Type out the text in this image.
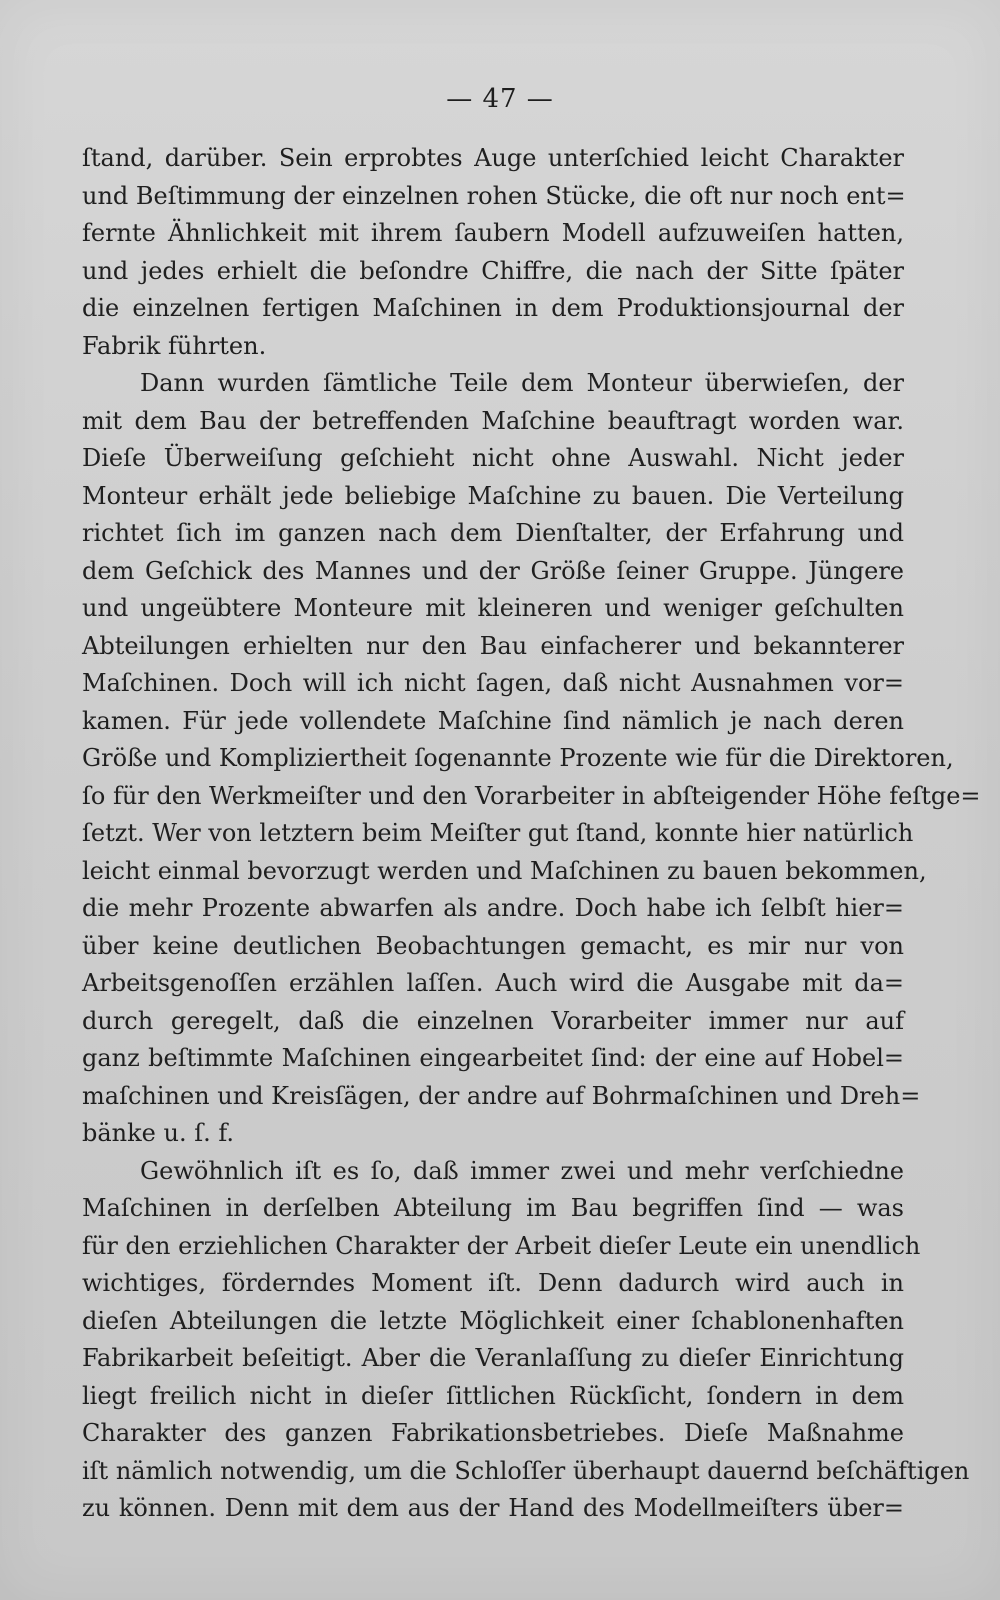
— 47 —
ſtand, darüber. Sein erprobtes Auge unterſchied leicht Charakter
und Beſtimmung der einzelnen rohen Stücke, die oft nur noch ent=
fernte Ähnlichkeit mit ihrem ſaubern Modell aufzuweiſen hatten,
und jedes erhielt die beſondre Chiffre, die nach der Sitte ſpäter
die einzelnen fertigen Maſchinen in dem Produktionsjournal der
Fabrik führten.
Dann wurden ſämtliche Teile dem Monteur überwieſen, der
mit dem Bau der betreffenden Maſchine beauftragt worden war.
Dieſe Überweiſung geſchieht nicht ohne Auswahl. Nicht jeder
Monteur erhält jede beliebige Maſchine zu bauen. Die Verteilung
richtet ſich im ganzen nach dem Dienſtalter, der Erfahrung und
dem Geſchick des Mannes und der Größe ſeiner Gruppe. Jüngere
und ungeübtere Monteure mit kleineren und weniger geſchulten
Abteilungen erhielten nur den Bau einfacherer und bekannterer
Maſchinen. Doch will ich nicht ſagen, daß nicht Ausnahmen vor=
kamen. Für jede vollendete Maſchine ſind nämlich je nach deren
Größe und Kompliziertheit ſogenannte Prozente wie für die Direktoren,
ſo für den Werkmeiſter und den Vorarbeiter in abſteigender Höhe feſtge=
ſetzt. Wer von letztern beim Meiſter gut ſtand, konnte hier natürlich
leicht einmal bevorzugt werden und Maſchinen zu bauen bekommen,
die mehr Prozente abwarfen als andre. Doch habe ich ſelbſt hier=
über keine deutlichen Beobachtungen gemacht, es mir nur von
Arbeitsgenoſſen erzählen laſſen. Auch wird die Ausgabe mit da=
durch geregelt, daß die einzelnen Vorarbeiter immer nur auf
ganz beſtimmte Maſchinen eingearbeitet ſind: der eine auf Hobel=
maſchinen und Kreisſägen, der andre auf Bohrmaſchinen und Dreh=
bänke u. ſ. f.
Gewöhnlich iſt es ſo, daß immer zwei und mehr verſchiedne
Maſchinen in derſelben Abteilung im Bau begriffen ſind — was
für den erziehlichen Charakter der Arbeit dieſer Leute ein unendlich
wichtiges, förderndes Moment iſt. Denn dadurch wird auch in
dieſen Abteilungen die letzte Möglichkeit einer ſchablonenhaften
Fabrikarbeit beſeitigt. Aber die Veranlaſſung zu dieſer Einrichtung
liegt freilich nicht in dieſer ſittlichen Rückſicht, ſondern in dem
Charakter des ganzen Fabrikationsbetriebes. Dieſe Maßnahme
iſt nämlich notwendig, um die Schloſſer überhaupt dauernd beſchäftigen
zu können. Denn mit dem aus der Hand des Modellmeiſters über=
